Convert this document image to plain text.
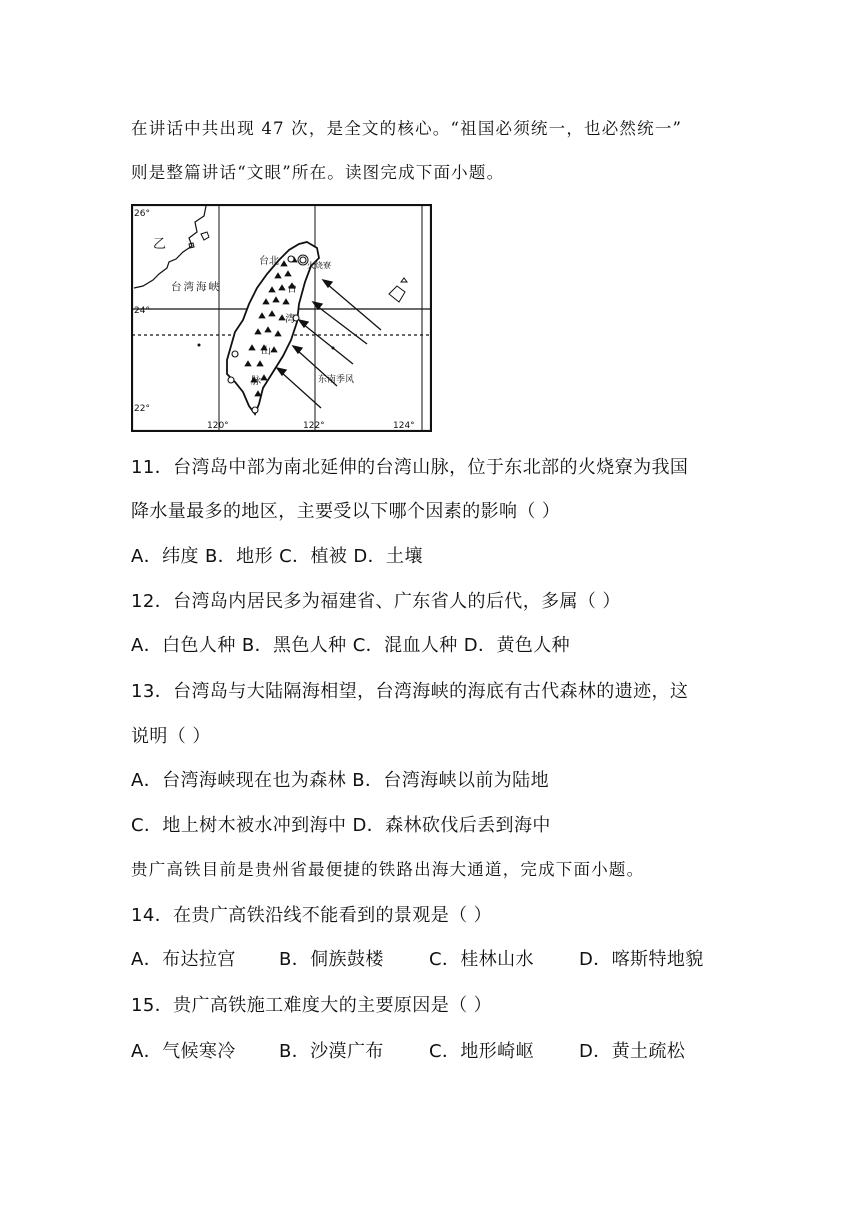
在讲话中共出现 47 次，是全文的核心。“祖国必须统一，也必然统一”
则是整篇讲话“文眼”所在。读图完成下面小题。
26°
24°
22°
120°	122°	124°
乙
台湾海峡
台北	火烧寮
台
湾
山
脉	东南季风
11．台湾岛中部为南北延伸的台湾山脉，位于东北部的火烧寮为我国
降水量最多的地区，主要受以下哪个因素的影响（ ）
A．纬度 B．地形 C．植被 D．土壤
12．台湾岛内居民多为福建省、广东省人的后代，多属（ ）
A．白色人种 B．黑色人种 C．混血人种 D．黄色人种
13．台湾岛与大陆隔海相望，台湾海峡的海底有古代森林的遗迹，这
说明（ ）
A．台湾海峡现在也为森林 B．台湾海峡以前为陆地
C．地上树木被水冲到海中 D．森林砍伐后丢到海中
贵广高铁目前是贵州省最便捷的铁路出海大通道，完成下面小题。
14．在贵广高铁沿线不能看到的景观是（ ）
A．布达拉宫 B．侗族鼓楼	C．桂林山水	D．喀斯特地貌
15．贵广高铁施工难度大的主要原因是（ ）
A．气候寒冷 B．沙漠广布	C．地形崎岖	D．黄土疏松
